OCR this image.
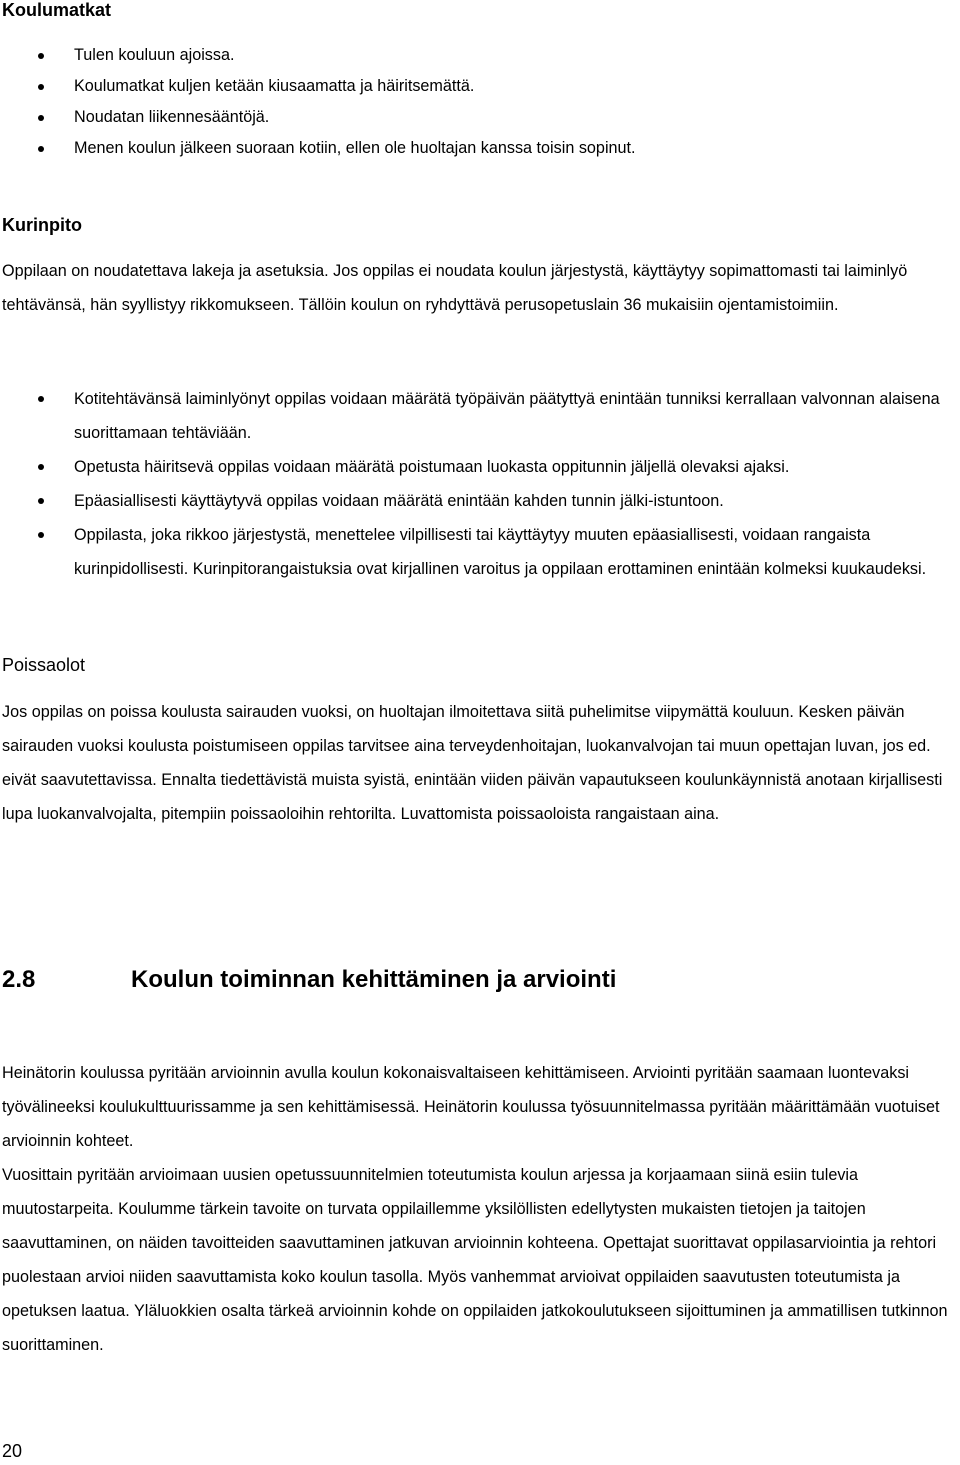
Koulumatkat
Tulen kouluun ajoissa.
Koulumatkat kuljen ketään kiusaamatta ja häiritsemättä.
Noudatan liikennesääntöjä.
Menen koulun jälkeen suoraan kotiin, ellen ole huoltajan kanssa toisin sopinut.
Kurinpito

Oppilaan on noudatettava lakeja ja asetuksia. Jos oppilas ei noudata koulun järjestystä, käyttäytyy sopimattomasti tai laiminlyö tehtävänsä, hän syyllistyy rikkomukseen. Tällöin koulun on ryhdyttävä perusopetuslain 36 mukaisiin ojentamistoimiin.

Kotitehtävänsä laiminlyönyt oppilas voidaan määrätä työpäivän päätyttyä enintään tunniksi kerrallaan valvonnan alaisena suorittamaan tehtäviään.
Opetusta häiritsevä oppilas voidaan määrätä poistumaan luokasta oppitunnin jäljellä olevaksi ajaksi.
Epäasiallisesti käyttäytyvä oppilas voidaan määrätä enintään kahden tunnin jälki-istuntoon.
Oppilasta, joka rikkoo järjestystä, menettelee vilpillisesti tai käyttäytyy muuten epäasiallisesti, voidaan rangaista kurinpidollisesti. Kurinpitorangaistuksia ovat kirjallinen varoitus ja oppilaan erottaminen enintään kolmeksi kuukaudeksi.
Poissaolot

Jos oppilas on poissa koulusta sairauden vuoksi, on huoltajan ilmoitettava siitä puhelimitse viipymättä kouluun. Kesken päivän sairauden vuoksi koulusta poistumiseen oppilas tarvitsee aina terveydenhoitajan, luokanvalvojan tai muun opettajan luvan, jos ed. eivät saavutettavissa. Ennalta tiedettävistä muista syistä, enintään viiden päivän vapautukseen koulunkäynnistä anotaan kirjallisesti lupa luokanvalvojalta, pitempiin poissaoloihin rehtorilta. Luvattomista poissaoloista rangaistaan aina.

2.8	Koulun toiminnan kehittäminen ja arviointi

Heinätorin koulussa pyritään arvioinnin avulla koulun kokonaisvaltaiseen kehittämiseen. Arviointi pyritään saamaan luontevaksi työvälineeksi koulukulttuurissamme ja sen kehittämisessä. Heinätorin koulussa työsuunnitelmassa pyritään määrittämään vuotuiset arvioinnin kohteet.

Vuosittain pyritään arvioimaan uusien opetussuunnitelmien toteutumista koulun arjessa ja korjaamaan siinä esiin tulevia muutostarpeita. Koulumme tärkein tavoite on turvata oppilaillemme yksilöllisten edellytysten mukaisten tietojen ja taitojen saavuttaminen, on näiden tavoitteiden saavuttaminen jatkuvan arvioinnin kohteena. Opettajat suorittavat oppilasarviointia ja rehtori puolestaan arvioi niiden saavuttamista koko koulun tasolla. Myös vanhemmat arvioivat oppilaiden saavutusten toteutumista ja opetuksen laatua. Yläluokkien osalta tärkeä arvioinnin kohde on oppilaiden jatkokoulutukseen sijoittuminen ja ammatillisen tutkinnon suorittaminen.

20
